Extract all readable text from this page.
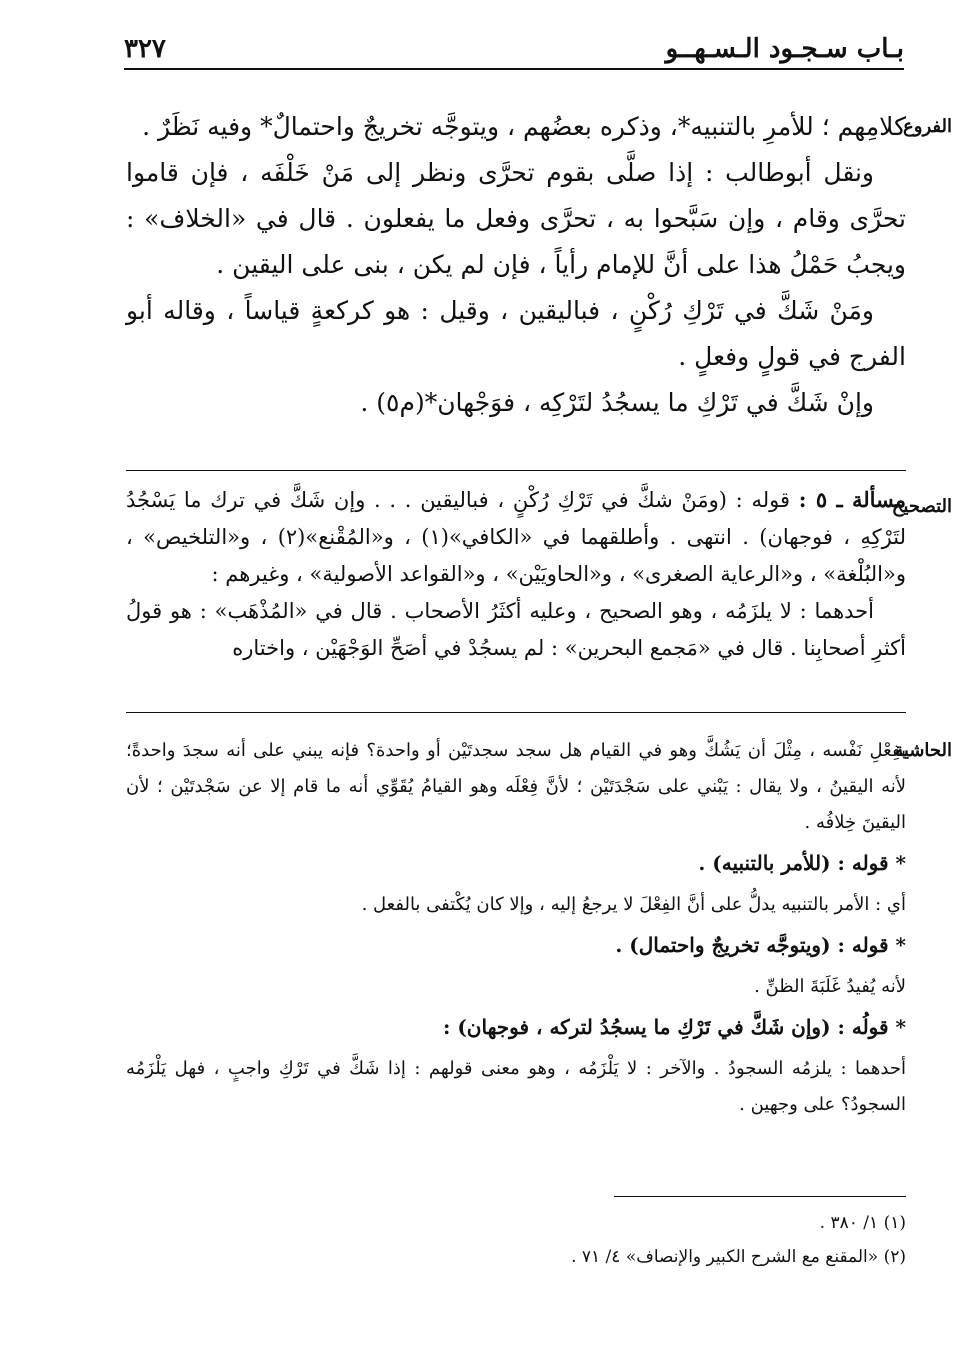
بـاب سـجـود الـسـهــو
٣٢٧
الفروع

كلامِهم ؛ للأمرِ بالتنبيه*، وذكره بعضُهم ، ويتوجَّه تخريجٌ واحتمالٌ* وفيه نَظَرٌ .

ونقل أبوطالب : إذا صلَّى بقوم تحرَّى ونظر إلى مَنْ خَلْفَه ، فإن قاموا تحرَّى وقام ، وإن سَبَّحوا به ، تحرَّى وفعل ما يفعلون . قال في «الخلاف» : ويجبُ حَمْلُ هذا على أنَّ للإمام رأياً ، فإن لم يكن ، بنى على اليقين .

ومَنْ شَكَّ في تَرْكِ رُكْنٍ ، فباليقين ، وقيل : هو كركعةٍ قياساً ، وقاله أبو الفرج في قولٍ وفعلٍ .

وإنْ شَكَّ في تَرْكِ ما يسجُدُ لتَرْكِه ، فوَجْهان*(م٥) .

التصحيح

مسألة ـ ٥ : قوله : (ومَنْ شكَّ في تَرْكِ رُكْنٍ ، فباليقين . . . وإن شَكَّ في ترك ما يَسْجُدُ لتَرْكِهِ ، فوجهان) . انتهى . وأطلقهما في «الكافي»(١) ، و«المُقْنع»(٢) ، و«التلخيص» ، و«البُلْغة» ، و«الرعاية الصغرى» ، و«الحاويَيْن» ، و«القواعد الأصولية» ، وغيرهم :

أحدهما : لا يلزَمُه ، وهو الصحيح ، وعليه أكثَرُ الأصحاب . قال في «المُذْهَب» : هو قولُ أكثرِ أصحابِنا . قال في «مَجمع البحرين» : لم يسجُدْ في أصَحِّ الوَجْهَيْن ، واختاره

الحاشية

بفِعْلِ نَفْسه ، مِثْلَ أن يَشُكَّ وهو في القيام هل سجد سجدتَيْن أو واحدة؟ فإنه يبني على أنه سجدَ واحدةً؛ لأنه اليقينُ ، ولا يقال : يَبْني على سَجْدَتَيْن ؛ لأنَّ فِعْلَه وهو القيامُ يُقَوِّي أنه ما قام إلا عن سَجْدتَيْن ؛ لأن اليقينَ خِلافُه .

* قوله : (للأمر بالتنبيه) .

أي : الأمر بالتنبيه يدلُّ على أنَّ الفِعْلَ لا يرجعُ إليه ، وإلا كان يُكْتفى بالفعل .

* قوله : (ويتوجَّه تخريجٌ واحتمال) .

لأنه يُفيدُ غَلَبَةَ الظنِّ .

* قولُه : (وإن شَكَّ في تَرْكِ ما يسجُدُ لتركه ، فوجهان) :

أحدهما : يلزمُه السجودُ . والآخر : لا يَلْزَمُه ، وهو معنى قولهم : إذا شَكَّ في تَرْكِ واجبٍ ، فهل يَلْزَمُه السجودُ؟ على وجهين .

(١) ١/ ٣٨٠ .

(٢) «المقنع مع الشرح الكبير والإنصاف» ٤/ ٧١ .
